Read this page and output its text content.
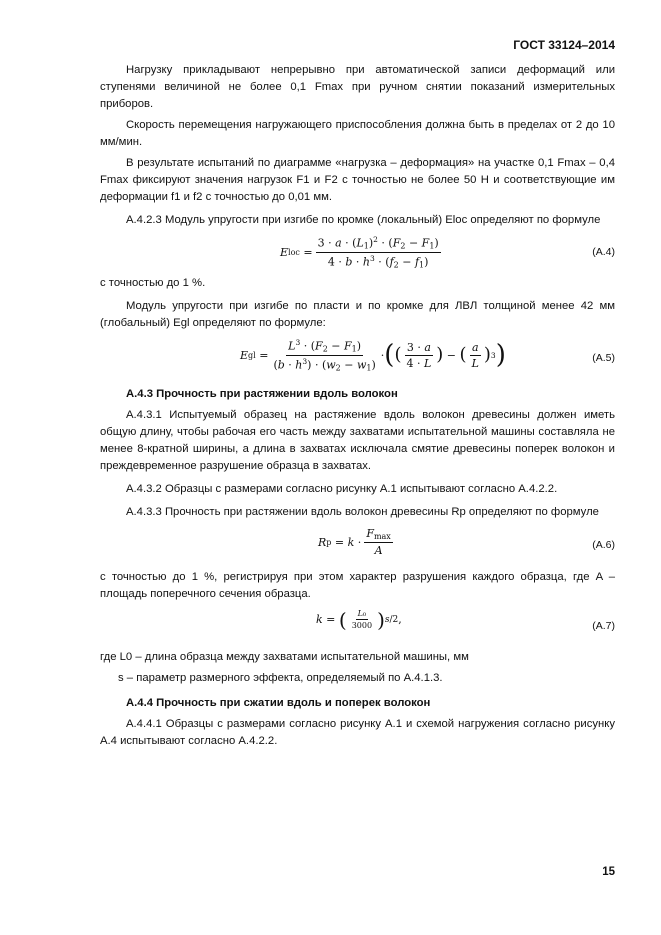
ГОСТ 33124–2014

Нагрузку прикладывают непрерывно при автоматической записи деформаций или ступенями величиной не более 0,1 Fmax при ручном снятии показаний измерительных приборов.

Скорость перемещения нагружающего приспособления должна быть в пределах от 2 до 10 мм/мин.

В результате испытаний по диаграмме «нагрузка – деформация» на участке 0,1 Fmax – 0,4 Fmax фиксируют значения нагрузок F1 и F2 с точностью не более 50 Н и соответствующие им деформации f1 и f2 с точностью до 0,01 мм.

А.4.2.3 Модуль упругости при изгибе по кромке (локальный) Eloc определяют по формуле

E loc = $\frac{3 \cdot a \cdot (L_1)^2 \cdot (F_2 - F_1)}{4 \cdot b \cdot h^3 \cdot (f_2 - f_1)}$	(А.4)

с точностью до 1 %.

Модуль упругости при изгибе по пласти и по кромке для ЛВЛ толщиной менее 42 мм (глобальный) Egl определяют по формуле:

E gl = $\frac{L^3 \cdot (F_2 - F_1)}{(b \cdot h^3) \cdot (w_2 - w_1)}$ · ( ( $\frac{3 \cdot a}{4 \cdot L}$ ) − ( $\frac{a}{L}$ ) 3 )	(А.5)

А.4.3 Прочность при растяжении вдоль волокон

А.4.3.1 Испытуемый образец на растяжение вдоль волокон древесины должен иметь общую длину, чтобы рабочая его часть между захватами испытательной машины составляла не менее 8-кратной ширины, а длина в захватах исключала смятие древесины поперек волокон и преждевременное разрушение образца в захватах.

А.4.3.2 Образцы с размерами согласно рисунку А.1 испытывают согласно А.4.2.2.

А.4.3.3 Прочность при растяжении вдоль волокон древесины Rp определяют по формуле

R $p = k \cdot \frac{F_{max}}{A}$	(А.6)

с точностью до 1 %, регистрируя при этом характер разрушения каждого образца, где A – площадь поперечного сечения образца.

k = ( $\frac{\text{L₀}}{3000}$ ) s/2 ,	(А.7)

где L0 – длина образца между захватами испытательной машины, мм

s – параметр размерного эффекта, определяемый по А.4.1.3.

А.4.4 Прочность при сжатии вдоль и поперек волокон

А.4.4.1 Образцы с размерами согласно рисунку А.1 и схемой нагружения согласно рисунку А.4 испытывают согласно А.4.2.2.

15
